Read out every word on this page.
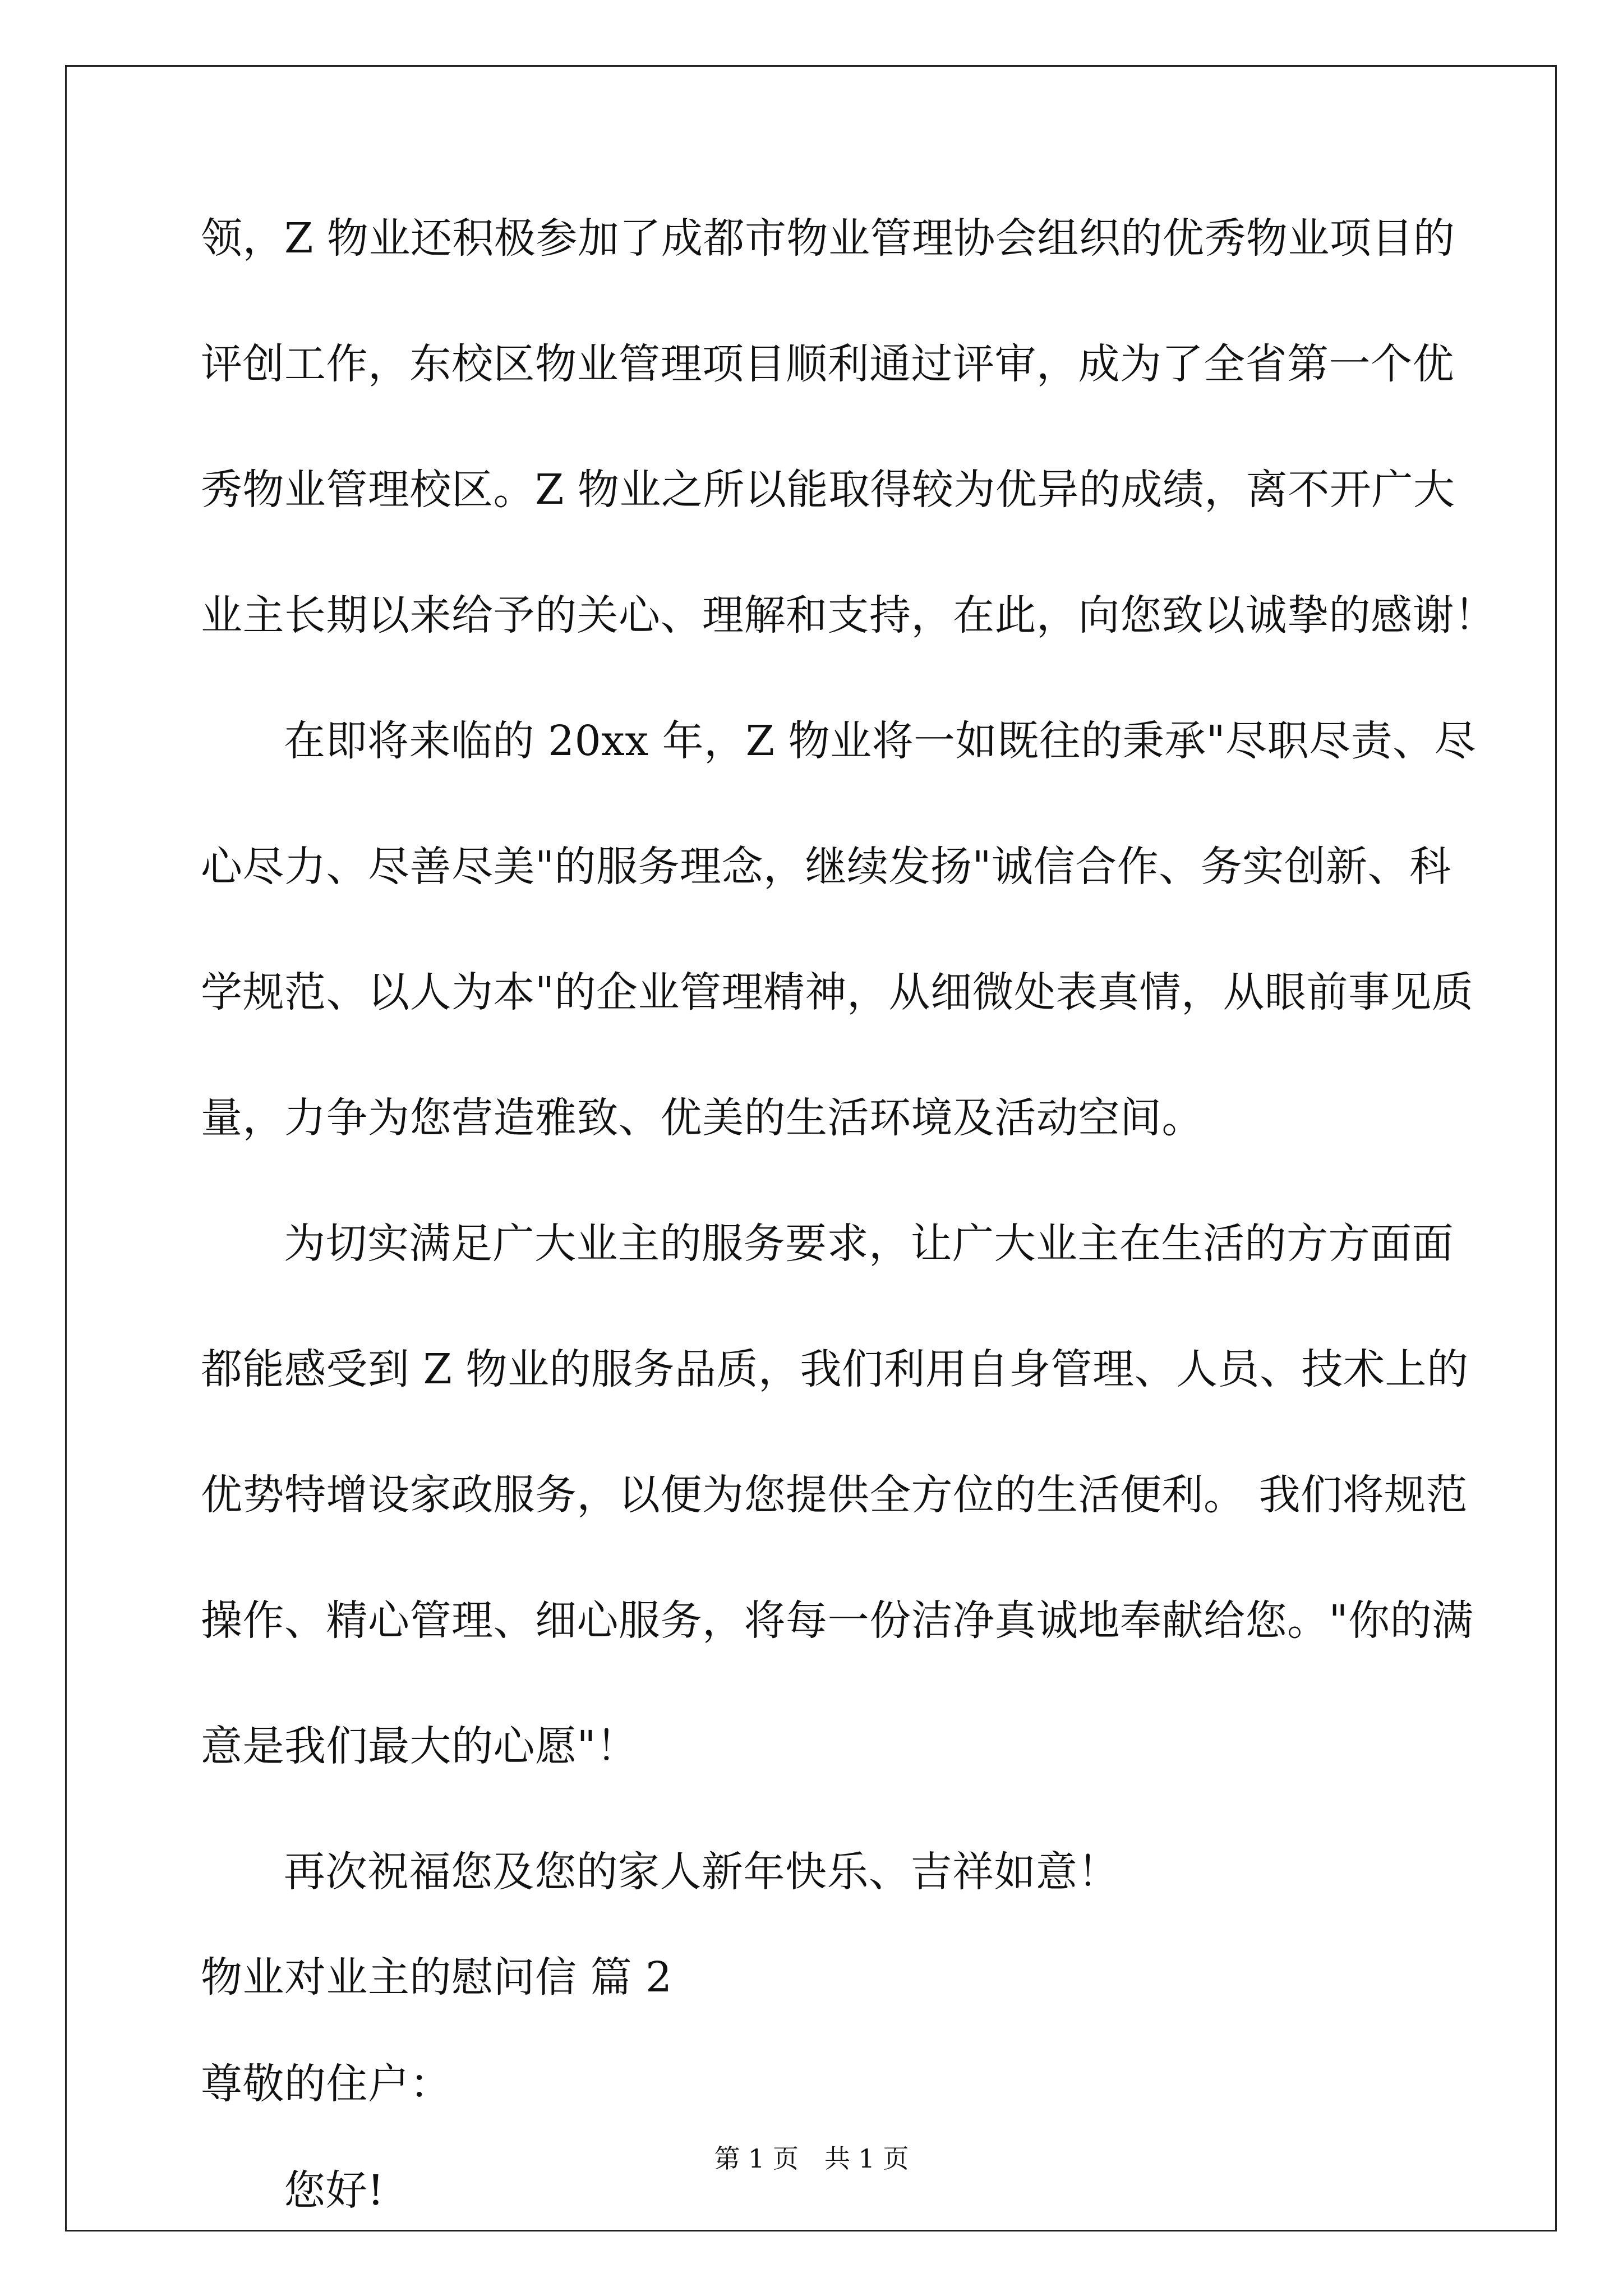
领，Z 物业还积极参加了成都市物业管理协会组织的优秀物业项目的
评创工作，东校区物业管理项目顺利通过评审，成为了全省第一个优
秀物业管理校区。Z 物业之所以能取得较为优异的成绩，离不开广大
业主长期以来给予的关心、理解和支持，在此，向您致以诚挚的感谢！
在即将来临的 20xx 年，Z 物业将一如既往的秉承"尽职尽责、尽
心尽力、尽善尽美"的服务理念，继续发扬"诚信合作、务实创新、科
学规范、以人为本"的企业管理精神，从细微处表真情，从眼前事见质
量，力争为您营造雅致、优美的生活环境及活动空间。
为切实满足广大业主的服务要求，让广大业主在生活的方方面面
都能感受到 Z 物业的服务品质，我们利用自身管理、人员、技术上的
优势特增设家政服务，以便为您提供全方位的生活便利。 我们将规范
操作、精心管理、细心服务，将每一份洁净真诚地奉献给您。"你的满
意是我们最大的心愿"！
再次祝福您及您的家人新年快乐、吉祥如意！
物业对业主的慰问信 篇 2
尊敬的住户：
您好!
第 1 页　共 1 页
